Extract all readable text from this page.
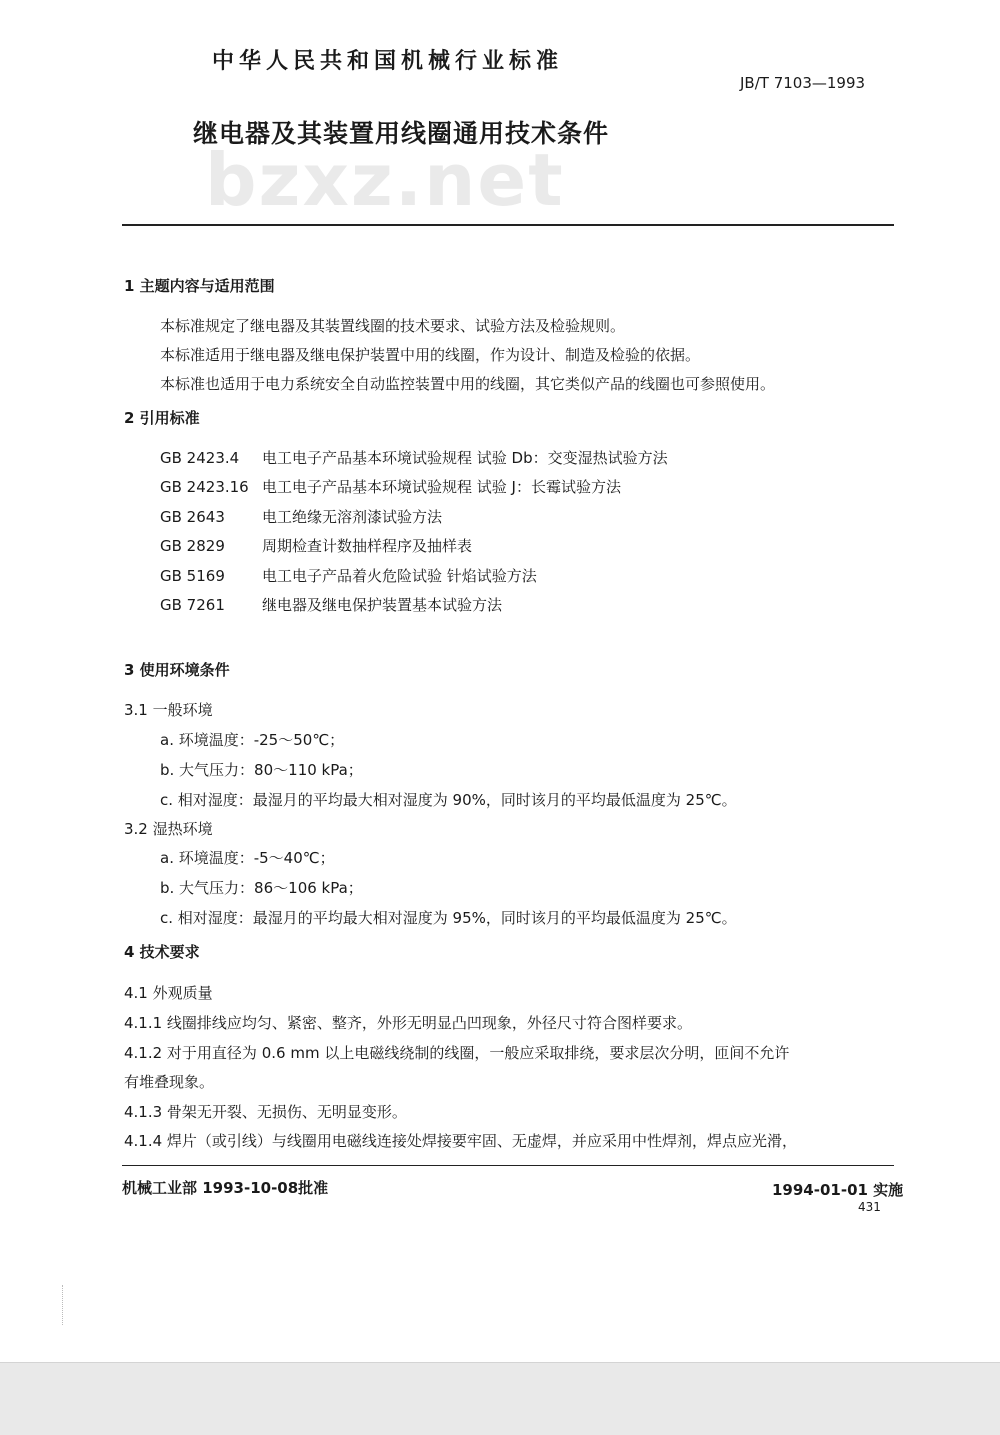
中华人民共和国机械行业标准
JB/T 7103—1993
继电器及其装置用线圈通用技术条件
bzxz.net
1 主题内容与适用范围
本标准规定了继电器及其装置线圈的技术要求、试验方法及检验规则。
本标准适用于继电器及继电保护装置中用的线圈，作为设计、制造及检验的依据。
本标准也适用于电力系统安全自动监控装置中用的线圈，其它类似产品的线圈也可参照使用。
2 引用标准
GB 2423.4 电工电子产品基本环境试验规程 试验 Db：交变湿热试验方法
GB 2423.16 电工电子产品基本环境试验规程 试验 J：长霉试验方法
GB 2643 电工绝缘无溶剂漆试验方法
GB 2829 周期检查计数抽样程序及抽样表
GB 5169 电工电子产品着火危险试验 针焰试验方法
GB 7261 继电器及继电保护装置基本试验方法
3 使用环境条件
3.1 一般环境
a. 环境温度：-25～50℃；
b. 大气压力：80～110 kPa；
c. 相对湿度：最湿月的平均最大相对湿度为 90%，同时该月的平均最低温度为 25℃。
3.2 湿热环境
a. 环境温度：-5～40℃；
b. 大气压力：86～106 kPa；
c. 相对湿度：最湿月的平均最大相对湿度为 95%，同时该月的平均最低温度为 25℃。
4 技术要求
4.1 外观质量
4.1.1 线圈排线应均匀、紧密、整齐，外形无明显凸凹现象，外径尺寸符合图样要求。
4.1.2 对于用直径为 0.6 mm 以上电磁线绕制的线圈，一般应采取排绕，要求层次分明，匝间不允许
有堆叠现象。
4.1.3 骨架无开裂、无损伤、无明显变形。
4.1.4 焊片（或引线）与线圈用电磁线连接处焊接要牢固、无虚焊，并应采用中性焊剂，焊点应光滑，
机械工业部 1993-10-08批准	1994-01-01 实施
431
